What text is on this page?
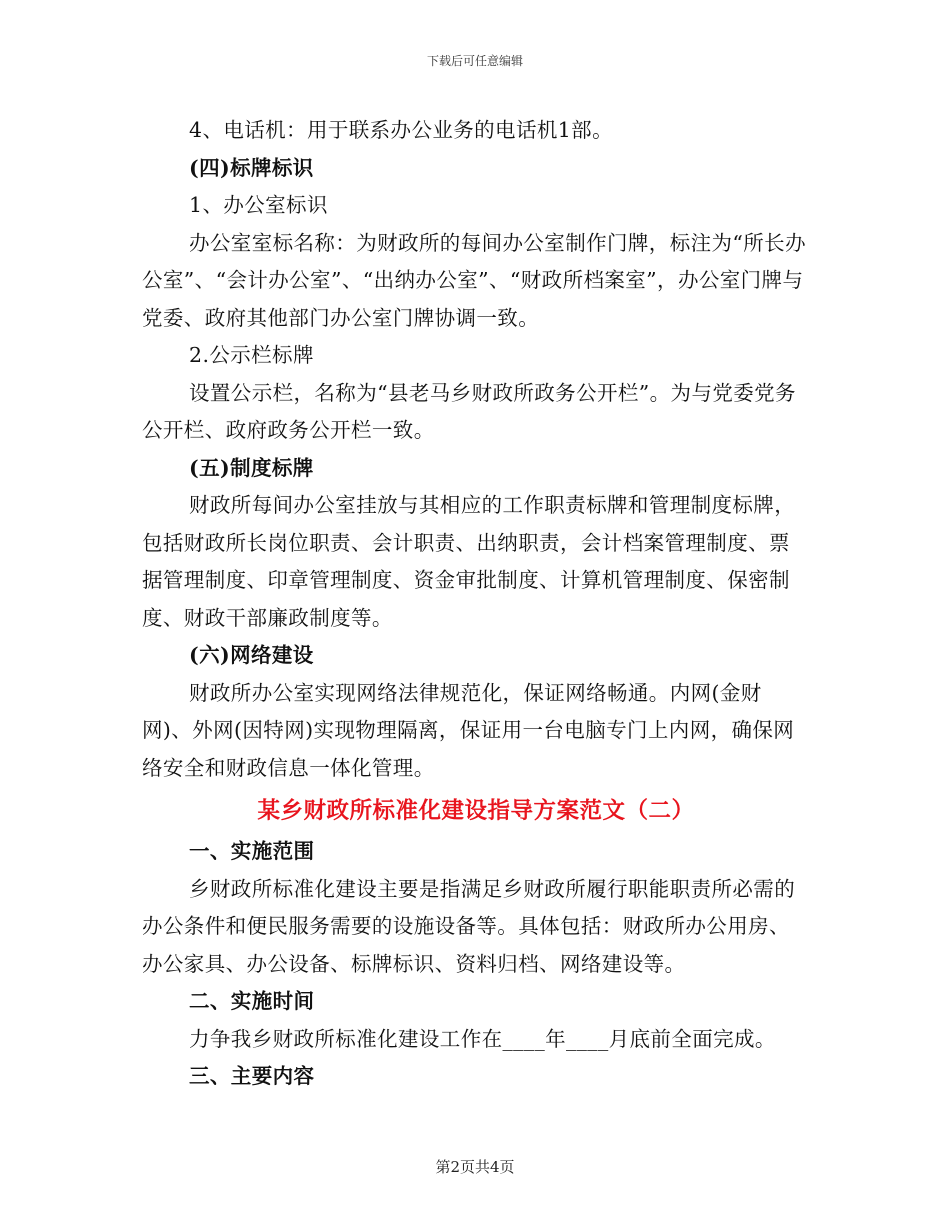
下载后可任意编辑

4、电话机：用于联系办公业务的电话机1部。

(四)标牌标识

1、办公室标识

办公室室标名称：为财政所的每间办公室制作门牌，标注为“所长办公室”、“会计办公室”、“出纳办公室”、“财政所档案室”，办公室门牌与党委、政府其他部门办公室门牌协调一致。

2.公示栏标牌

设置公示栏，名称为“县老马乡财政所政务公开栏”。为与党委党务公开栏、政府政务公开栏一致。

(五)制度标牌

财政所每间办公室挂放与其相应的工作职责标牌和管理制度标牌，包括财政所长岗位职责、会计职责、出纳职责，会计档案管理制度、票据管理制度、印章管理制度、资金审批制度、计算机管理制度、保密制度、财政干部廉政制度等。

(六)网络建设

财政所办公室实现网络法律规范化，保证网络畅通。内网(金财网)、外网(因特网)实现物理隔离，保证用一台电脑专门上内网，确保网络安全和财政信息一体化管理。

某乡财政所标准化建设指导方案范文（二）

一、实施范围

乡财政所标准化建设主要是指满足乡财政所履行职能职责所必需的办公条件和便民服务需要的设施设备等。具体包括：财政所办公用房、办公家具、办公设备、标牌标识、资料归档、网络建设等。

二、实施时间

力争我乡财政所标准化建设工作在____年____月底前全面完成。

三、主要内容

第2页共4页
